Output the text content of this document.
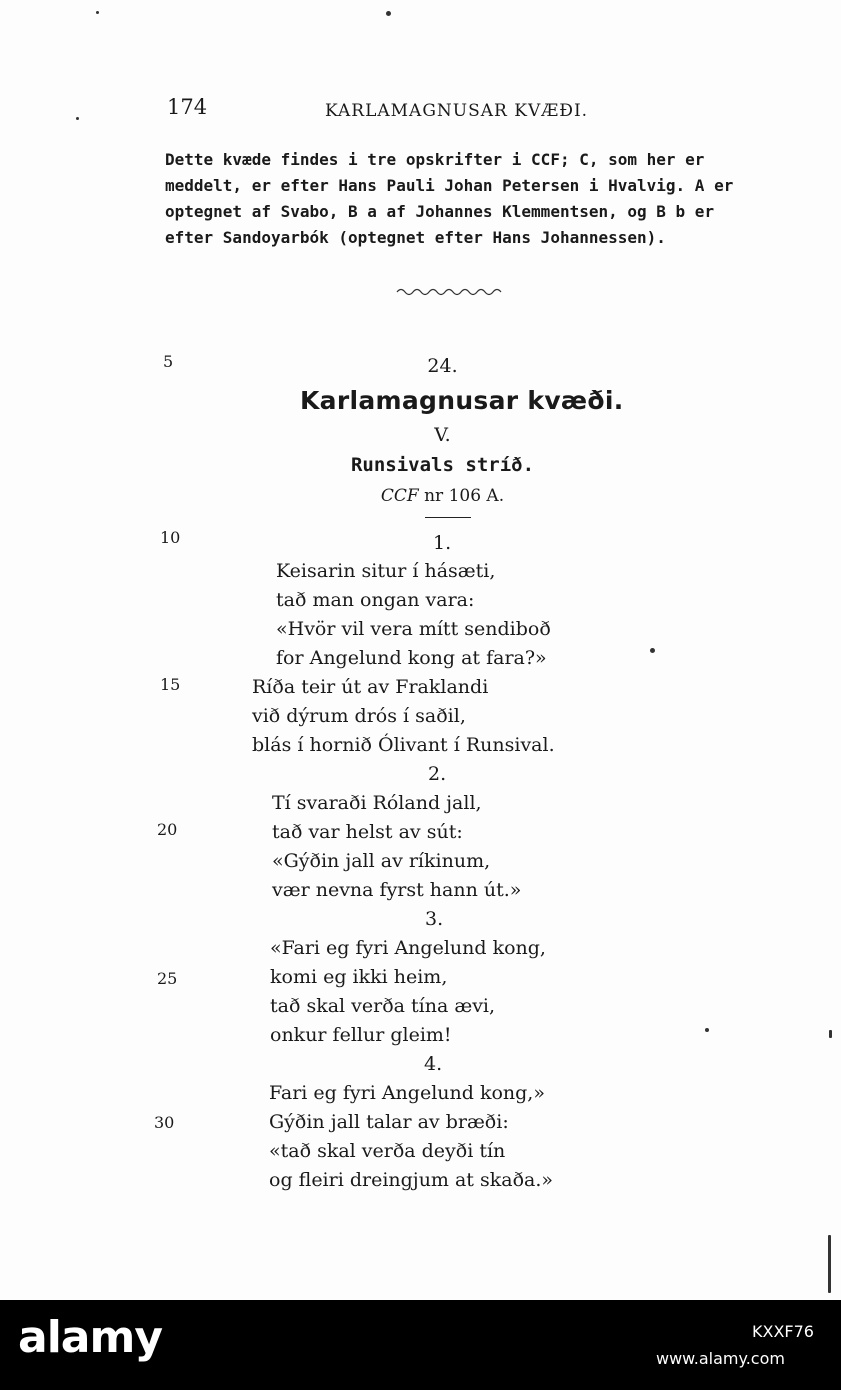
174	KARLAMAGNUSAR KVÆÐI.
Dette kvæde findes i tre opskrifter i CCF; C, som her er
meddelt, er efter Hans Pauli Johan Petersen i Hvalvig. A er
optegnet af Svabo, B a af Johannes Klemmentsen, og B b er
efter Sandoyarbók (optegnet efter Hans Johannessen).
5
10
15
20
25
30
24.
Karlamagnusar kvæði.
V.
Runsivals stríð.
CCF nr 106 A.
1.
Keisarin situr í hásæti,
tað man ongan vara:
«Hvör vil vera mítt sendiboð
for Angelund kong at fara?»
Ríða teir út av Fraklandi
við dýrum drós í saðil,
blás í hornið Ólivant í Runsival.
2.
Tí svaraði Róland jall,
tað var helst av sút:
«Gýðin jall av ríkinum,
vær nevna fyrst hann út.»
3.
«Fari eg fyri Angelund kong,
komi eg ikki heim,
tað skal verða tína ævi,
onkur fellur gleim!
4.
Fari eg fyri Angelund kong,»
Gýðin jall talar av bræði:
«tað skal verða deyði tín
og fleiri dreingjum at skaða.»
alamy	KXXF76
www.alamy.com
